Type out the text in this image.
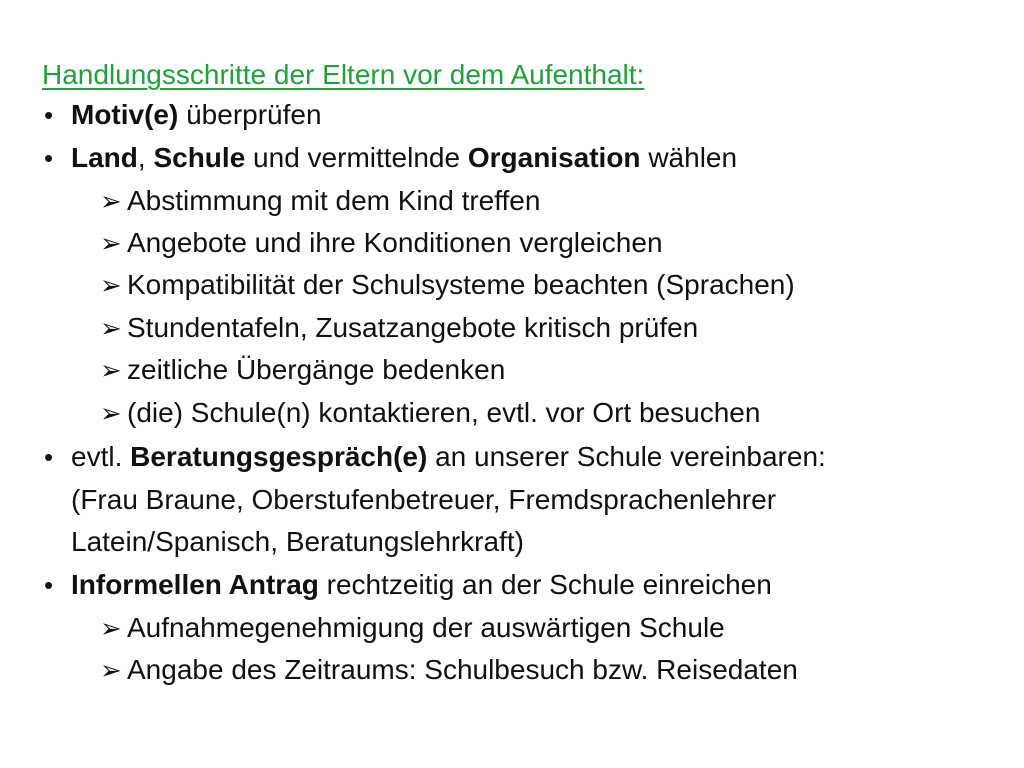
Handlungsschritte der Eltern vor dem Aufenthalt:
• Motiv(e) überprüfen
• Land, Schule und vermittelnde Organisation wählen
➢ Abstimmung mit dem Kind treffen
➢ Angebote und ihre Konditionen vergleichen
➢ Kompatibilität der Schulsysteme beachten (Sprachen)
➢ Stundentafeln, Zusatzangebote kritisch prüfen
➢ zeitliche Übergänge bedenken
➢ (die) Schule(n) kontaktieren, evtl. vor Ort besuchen
• evtl. Beratungsgespräch(e) an unserer Schule vereinbaren:
(Frau Braune, Oberstufenbetreuer, Fremdsprachenlehrer
Latein/Spanisch, Beratungslehrkraft)
• Informellen Antrag rechtzeitig an der Schule einreichen
➢ Aufnahmegenehmigung der auswärtigen Schule
➢ Angabe des Zeitraums: Schulbesuch bzw. Reisedaten
